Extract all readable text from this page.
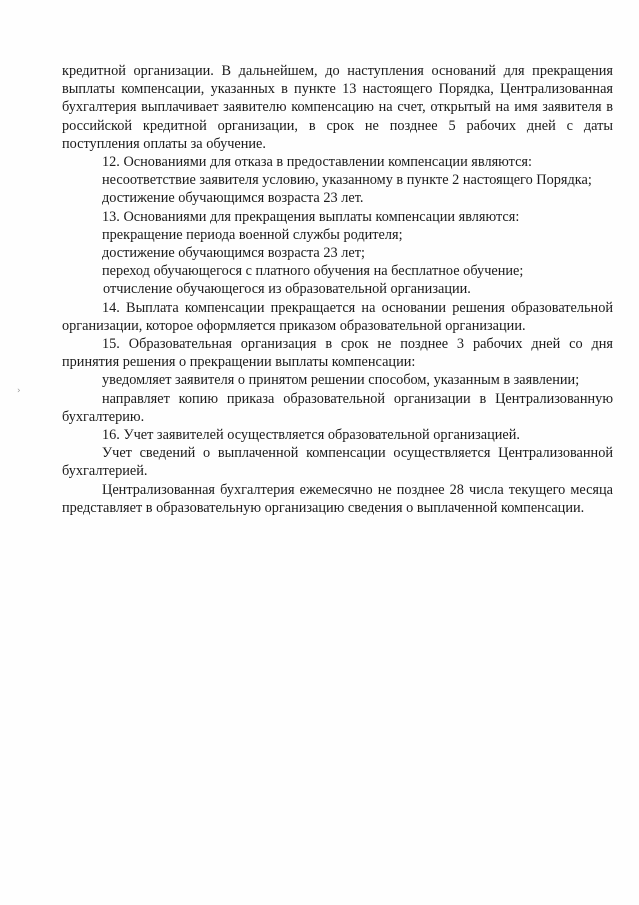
›

кредитной организации. В дальнейшем, до наступления оснований для прекращения выплаты компенсации, указанных в пункте 13 настоящего Порядка, Централизованная бухгалтерия выплачивает заявителю компенсацию на счет, открытый на имя заявителя в российской кредитной организации, в срок не позднее 5 рабочих дней с даты поступления оплаты за обучение.

12. Основаниями для отказа в предоставлении компенсации являются:

несоответствие заявителя условию, указанному в пункте 2 настоящего Порядка;

достижение обучающимся возраста 23 лет.

13. Основаниями для прекращения выплаты компенсации являются:

прекращение периода военной службы родителя;

достижение обучающимся возраста 23 лет;

переход обучающегося с платного обучения на бесплатное обучение;

отчисление обучающегося из образовательной организации.

14. Выплата компенсации прекращается на основании решения образовательной организации, которое оформляется приказом образовательной организации.

15. Образовательная организация в срок не позднее 3 рабочих дней со дня принятия решения о прекращении выплаты компенсации:

уведомляет заявителя о принятом решении способом, указанным в заявлении;

направляет копию приказа образовательной организации в Централизованную бухгалтерию.

16. Учет заявителей осуществляется образовательной организацией.

Учет сведений о выплаченной компенсации осуществляется Централизованной бухгалтерией.

Централизованная бухгалтерия ежемесячно не позднее 28 числа текущего месяца представляет в образовательную организацию сведения о выплаченной компенсации.
